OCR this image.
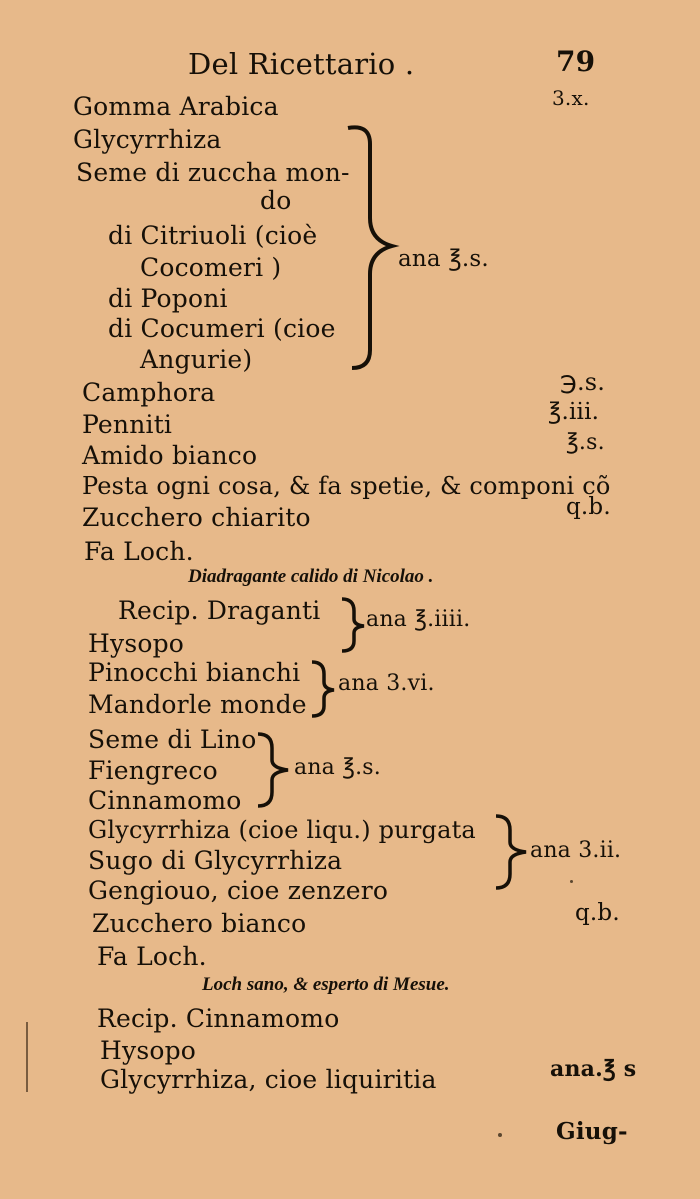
Del Ricettario .	79
Gomma Arabica	3.x.
Glycyrrhiza
Seme di zuccha mon-
do
di Citriuoli (cioè
Cocomeri )
di Poponi
di Cocumeri (cioe
Angurie)
ana ℥.s.
Camphora	℈.s.
Penniti	℥.iii.
Amido bianco	℥.s.
Pesta ogni cosa, & fa spetie, & componi cõ
Zucchero chiarito	q.b.
Fa Loch.
Diadragante calido di Nicolao .
Recip. Draganti
Hysopo
ana ℥.iiii.
Pinocchi bianchi
Mandorle monde
ana 3.vi.
Seme di Lino
Fiengreco
Cinnamomo
ana ℥.s.
Glycyrrhiza (cioe liqu.) purgata
Sugo di Glycyrrhiza
Gengiouo, cioe zenzero
ana 3.ii.
Zucchero bianco	q.b.
Fa Loch.
Loch sano, & esperto di Mesue.
Recip. Cinnamomo
Hysopo
Glycyrrhiza, cioe liquiritia	ana.℥ s
Giug-
